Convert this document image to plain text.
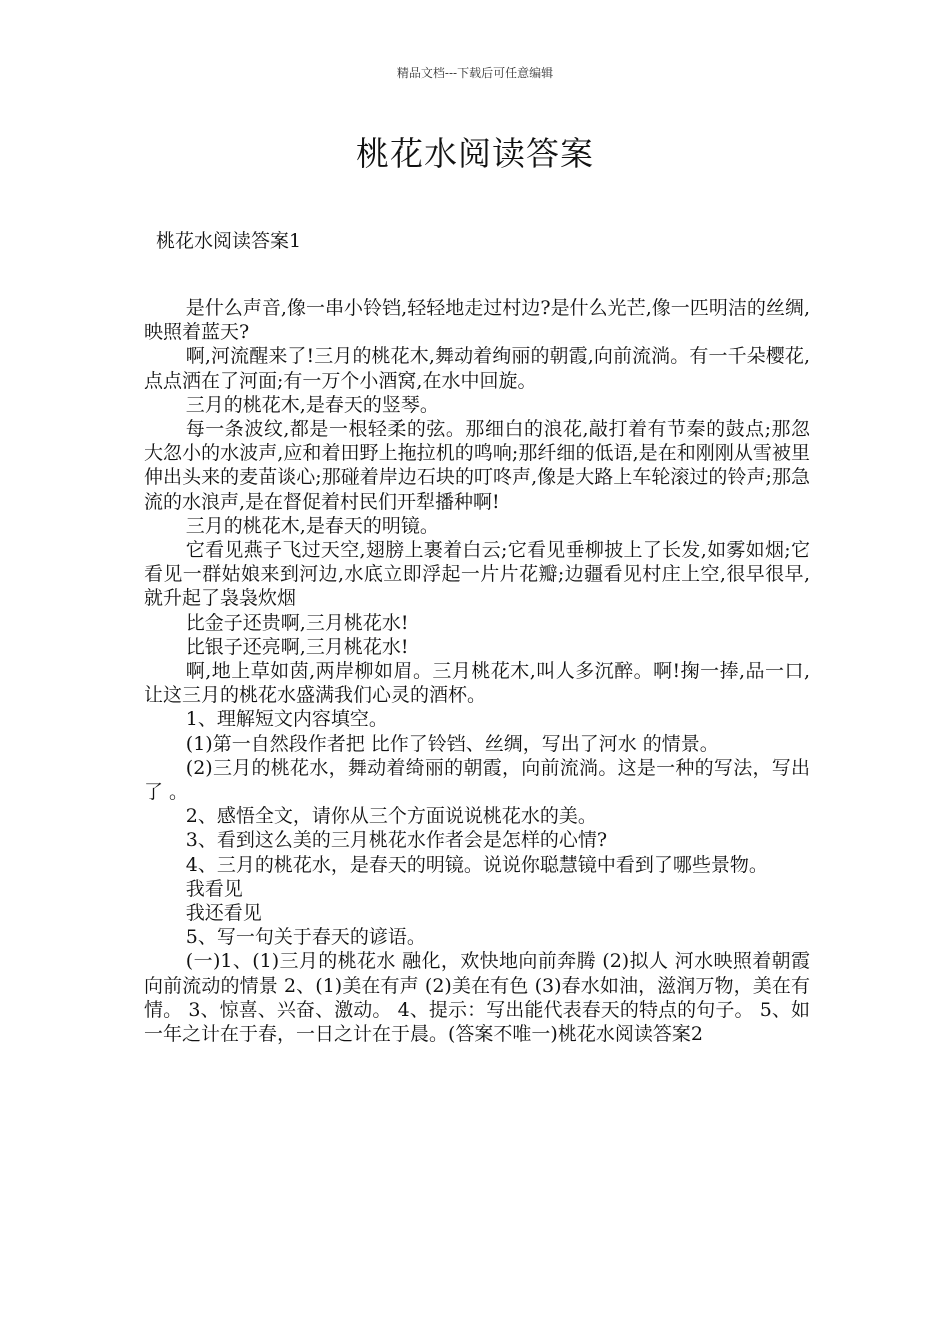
精品文档---下载后可任意编辑
桃花水阅读答案
桃花水阅读答案1

是什么声音,像一串小铃铛,轻轻地走过村边?是什么光芒,像一匹明洁的丝绸,映照着蓝天?

啊,河流醒来了!三月的桃花木,舞动着绚丽的朝霞,向前流淌。有一千朵樱花,点点洒在了河面;有一万个小酒窝,在水中回旋。

三月的桃花木,是春天的竖琴。

每一条波纹,都是一根轻柔的弦。那细白的浪花,敲打着有节秦的鼓点;那忽大忽小的水波声,应和着田野上拖拉机的鸣响;那纤细的低语,是在和刚刚从雪被里伸出头来的麦苗谈心;那碰着岸边石块的叮咚声,像是大路上车轮滚过的铃声;那急流的水浪声,是在督促着村民们开犁播种啊!

三月的桃花木,是春天的明镜。

它看见燕子飞过天空,翅膀上裹着白云;它看见垂柳披上了长发,如雾如烟;它看见一群姑娘来到河边,水底立即浮起一片片花瓣;边疆看见村庄上空,很早很早,就升起了袅袅炊烟

比金子还贵啊,三月桃花水!

比银子还亮啊,三月桃花水!

啊,地上草如茵,两岸柳如眉。三月桃花木,叫人多沉醉。啊!掬一捧,品一口,让这三月的桃花水盛满我们心灵的酒杯。

1、理解短文内容填空。

(1)第一自然段作者把 比作了铃铛、丝绸，写出了河水 的情景。

(2)三月的桃花水，舞动着绮丽的朝霞，向前流淌。这是一种的写法，写出了 。

2、感悟全文，请你从三个方面说说桃花水的美。

3、看到这么美的三月桃花水作者会是怎样的心情?

4、三月的桃花水，是春天的明镜。说说你聪慧镜中看到了哪些景物。

我看见

我还看见

5、写一句关于春天的谚语。

(一)1、(1)三月的桃花水 融化，欢快地向前奔腾 (2)拟人 河水映照着朝霞向前流动的情景 2、(1)美在有声 (2)美在有色 (3)春水如油，滋润万物，美在有情。 3、惊喜、兴奋、激动。 4、提示：写出能代表春天的特点的句子。 5、如一年之计在于春，一日之计在于晨。(答案不唯一)桃花水阅读答案2
